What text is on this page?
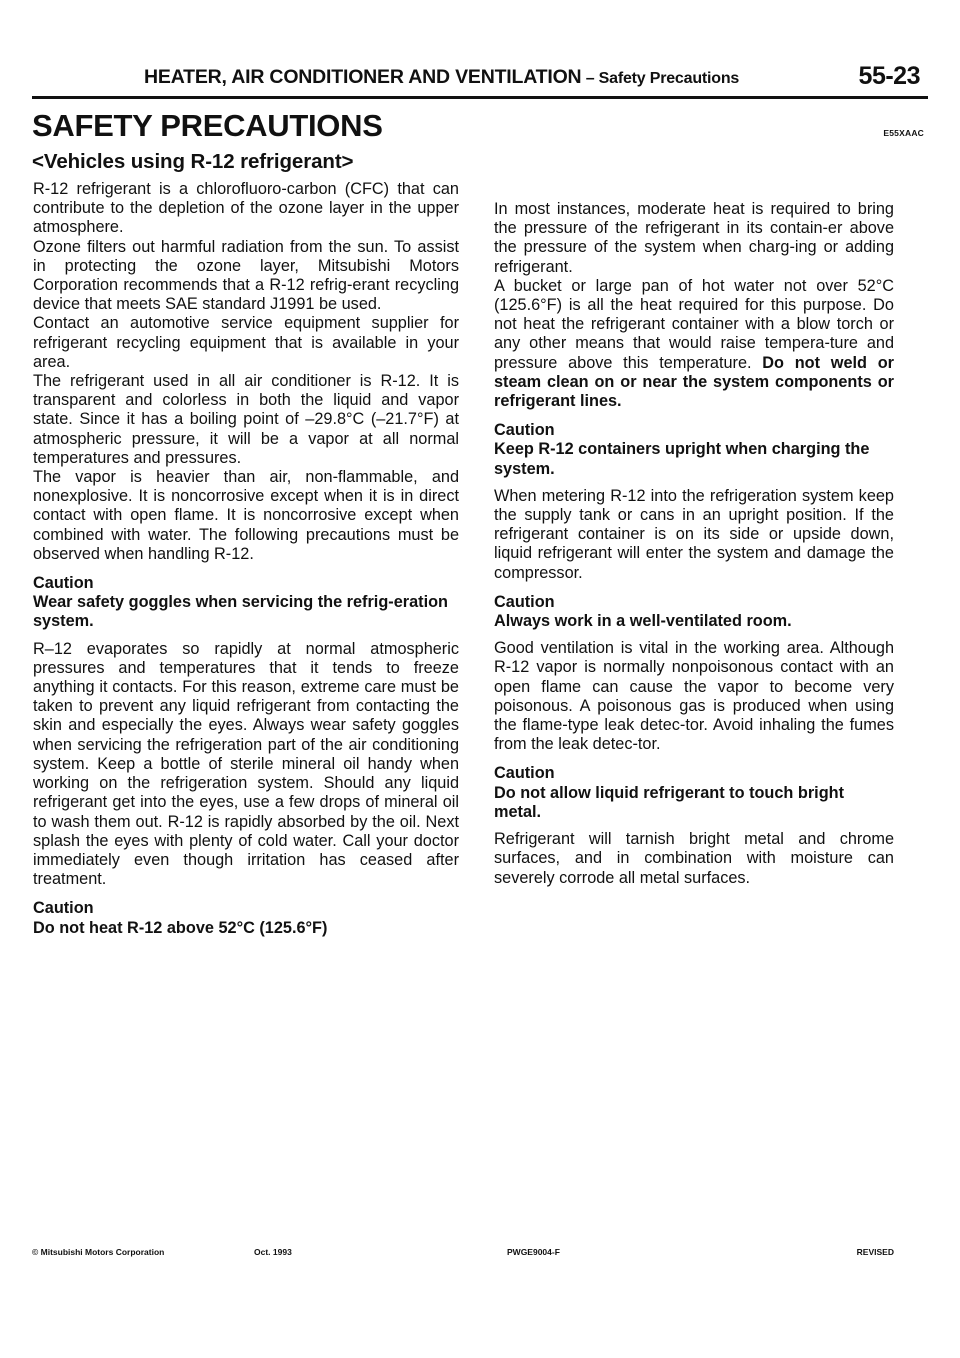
HEATER, AIR CONDITIONER AND VENTILATION – Safety Precautions	55-23
SAFETY PRECAUTIONS	E55XAAC
<Vehicles using R-12 refrigerant>

R-12 refrigerant is a chlorofluoro-carbon (CFC) that can contribute to the depletion of the ozone layer in the upper atmosphere.

Ozone filters out harmful radiation from the sun. To assist in protecting the ozone layer, Mitsubishi Motors Corporation recommends that a R-12 refrig-erant recycling device that meets SAE standard J1991 be used.

Contact an automotive service equipment supplier for refrigerant recycling equipment that is available in your area.

The refrigerant used in all air conditioner is R-12. It is transparent and colorless in both the liquid and vapor state. Since it has a boiling point of –29.8°C (–21.7°F) at atmospheric pressure, it will be a vapor at all normal temperatures and pressures.

The vapor is heavier than air, non-flammable, and nonexplosive. It is noncorrosive except when it is in direct contact with open flame. It is noncorrosive except when combined with water. The following precautions must be observed when handling R-12.

Caution

Wear safety goggles when servicing the refrig-eration system.

R–12 evaporates so rapidly at normal atmospheric pressures and temperatures that it tends to freeze anything it contacts. For this reason, extreme care must be taken to prevent any liquid refrigerant from contacting the skin and especially the eyes. Always wear safety goggles when servicing the refrigeration part of the air conditioning system. Keep a bottle of sterile mineral oil handy when working on the refrigeration system. Should any liquid refrigerant get into the eyes, use a few drops of mineral oil to wash them out. R-12 is rapidly absorbed by the oil. Next splash the eyes with plenty of cold water. Call your doctor immediately even though irritation has ceased after treatment.

Caution

Do not heat R-12 above 52°C (125.6°F)

In most instances, moderate heat is required to bring the pressure of the refrigerant in its contain-er above the pressure of the system when charg-ing or adding refrigerant.

A bucket or large pan of hot water not over 52°C (125.6°F) is all the heat required for this purpose. Do not heat the refrigerant container with a blow torch or any other means that would raise tempera-ture and pressure above this temperature. Do not weld or steam clean on or near the system components or refrigerant lines.

Caution

Keep R-12 containers upright when charging the system.

When metering R-12 into the refrigeration system keep the supply tank or cans in an upright position. If the refrigerant container is on its side or upside down, liquid refrigerant will enter the system and damage the compressor.

Caution

Always work in a well-ventilated room.

Good ventilation is vital in the working area. Although R-12 vapor is normally nonpoisonous contact with an open flame can cause the vapor to become very poisonous. A poisonous gas is produced when using the flame-type leak detec-tor. Avoid inhaling the fumes from the leak detec-tor.

Caution

Do not allow liquid refrigerant to touch bright metal.

Refrigerant will tarnish bright metal and chrome surfaces, and in combination with moisture can severely corrode all metal surfaces.

© Mitsubishi Motors Corporation	Oct. 1993	PWGE9004-F	REVISED
